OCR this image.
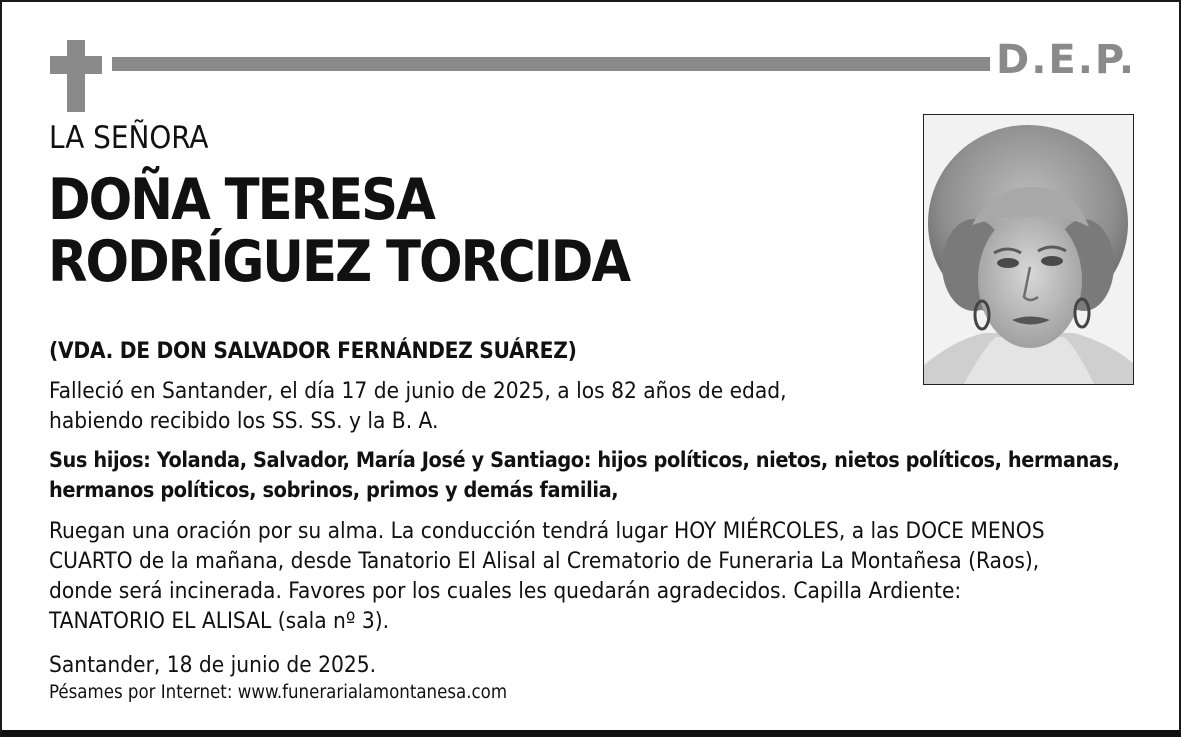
D.E.P.
LA SEÑORA
DOÑA TERESA
RODRÍGUEZ TORCIDA
(VDA. DE DON SALVADOR FERNÁNDEZ SUÁREZ)
Falleció en Santander, el día 17 de junio de 2025, a los 82 años de edad,
habiendo recibido los SS. SS. y la B. A.
Sus hijos: Yolanda, Salvador, María José y Santiago: hijos políticos, nietos, nietos políticos, hermanas,
hermanos políticos, sobrinos, primos y demás familia,
Ruegan una oración por su alma. La conducción tendrá lugar HOY MIÉRCOLES, a las DOCE MENOS
CUARTO de la mañana, desde Tanatorio El Alisal al Crematorio de Funeraria La Montañesa (Raos),
donde será incinerada. Favores por los cuales les quedarán agradecidos. Capilla Ardiente:
TANATORIO EL ALISAL (sala nº 3).
Santander, 18 de junio de 2025.
Pésames por Internet: www.funerarialamontanesa.com
